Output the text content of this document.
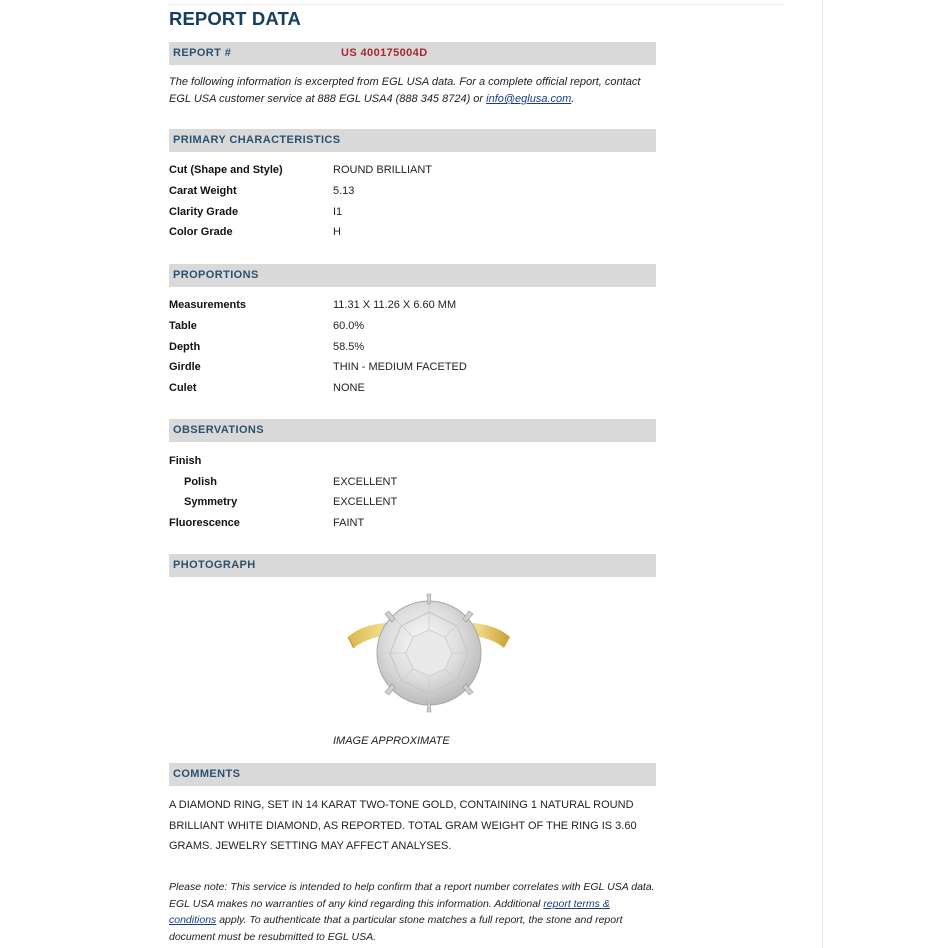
REPORT DATA
REPORT #	US 400175004D
The following information is excerpted from EGL USA data. For a complete official report, contact EGL USA customer service at 888 EGL USA4 (888 345 8724) or info@eglusa.com.
PRIMARY CHARACTERISTICS
Cut (Shape and Style)	ROUND BRILLIANT
Carat Weight	5.13
Clarity Grade	I1
Color Grade	H
PROPORTIONS
Measurements	11.31 X 11.26 X 6.60 MM
Table	60.0%
Depth	58.5%
Girdle	THIN - MEDIUM FACETED
Culet	NONE
OBSERVATIONS
Finish
Polish	EXCELLENT
Symmetry	EXCELLENT
Fluorescence	FAINT
PHOTOGRAPH
IMAGE APPROXIMATE
COMMENTS
A DIAMOND RING, SET IN 14 KARAT TWO-TONE GOLD, CONTAINING 1 NATURAL ROUND BRILLIANT WHITE DIAMOND, AS REPORTED. TOTAL GRAM WEIGHT OF THE RING IS 3.60 GRAMS. JEWELRY SETTING MAY AFFECT ANALYSES.
Please note: This service is intended to help confirm that a report number correlates with EGL USA data. EGL USA makes no warranties of any kind regarding this information. Additional report terms & conditions apply. To authenticate that a particular stone matches a full report, the stone and report document must be resubmitted to EGL USA.
